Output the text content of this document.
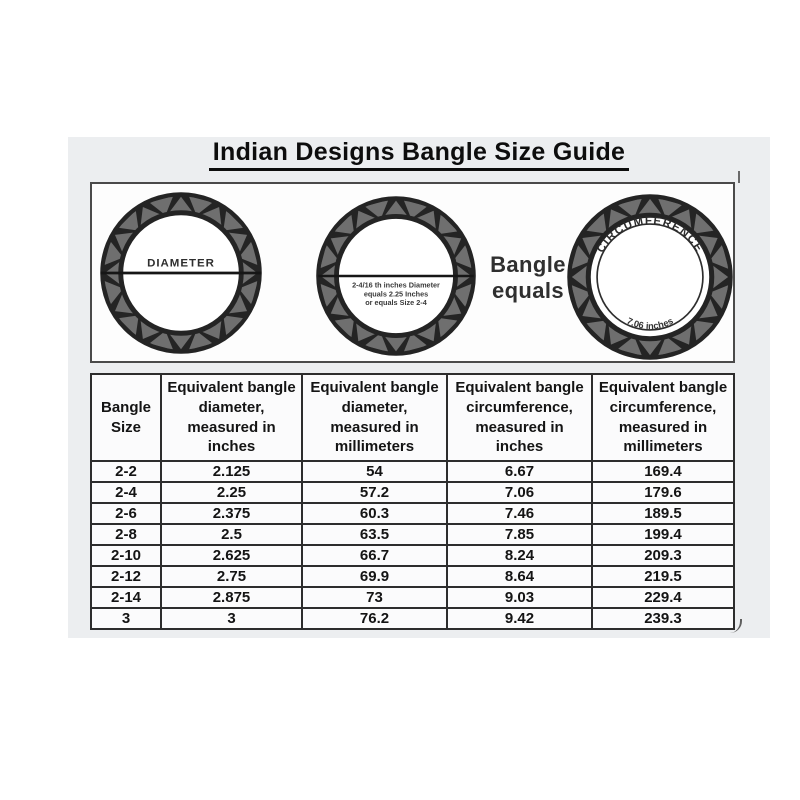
Indian Designs Bangle Size Guide
DIAMETER
2-4/16 th inches Diameter
equals 2.25 Inches
or equals Size 2-4
Bangle
equals
CIRCUMFERENCE
7.06 inches
Bangle Size	Equivalent bangle diameter, measured in inches	Equivalent bangle diameter, measured in millimeters	Equivalent bangle circumference, measured in inches	Equivalent bangle circumference, measured in millimeters
2-2	2.125	54	6.67	169.4
2-4	2.25	57.2	7.06	179.6
2-6	2.375	60.3	7.46	189.5
2-8	2.5	63.5	7.85	199.4
2-10	2.625	66.7	8.24	209.3
2-12	2.75	69.9	8.64	219.5
2-14	2.875	73	9.03	229.4
3	3	76.2	9.42	239.3
